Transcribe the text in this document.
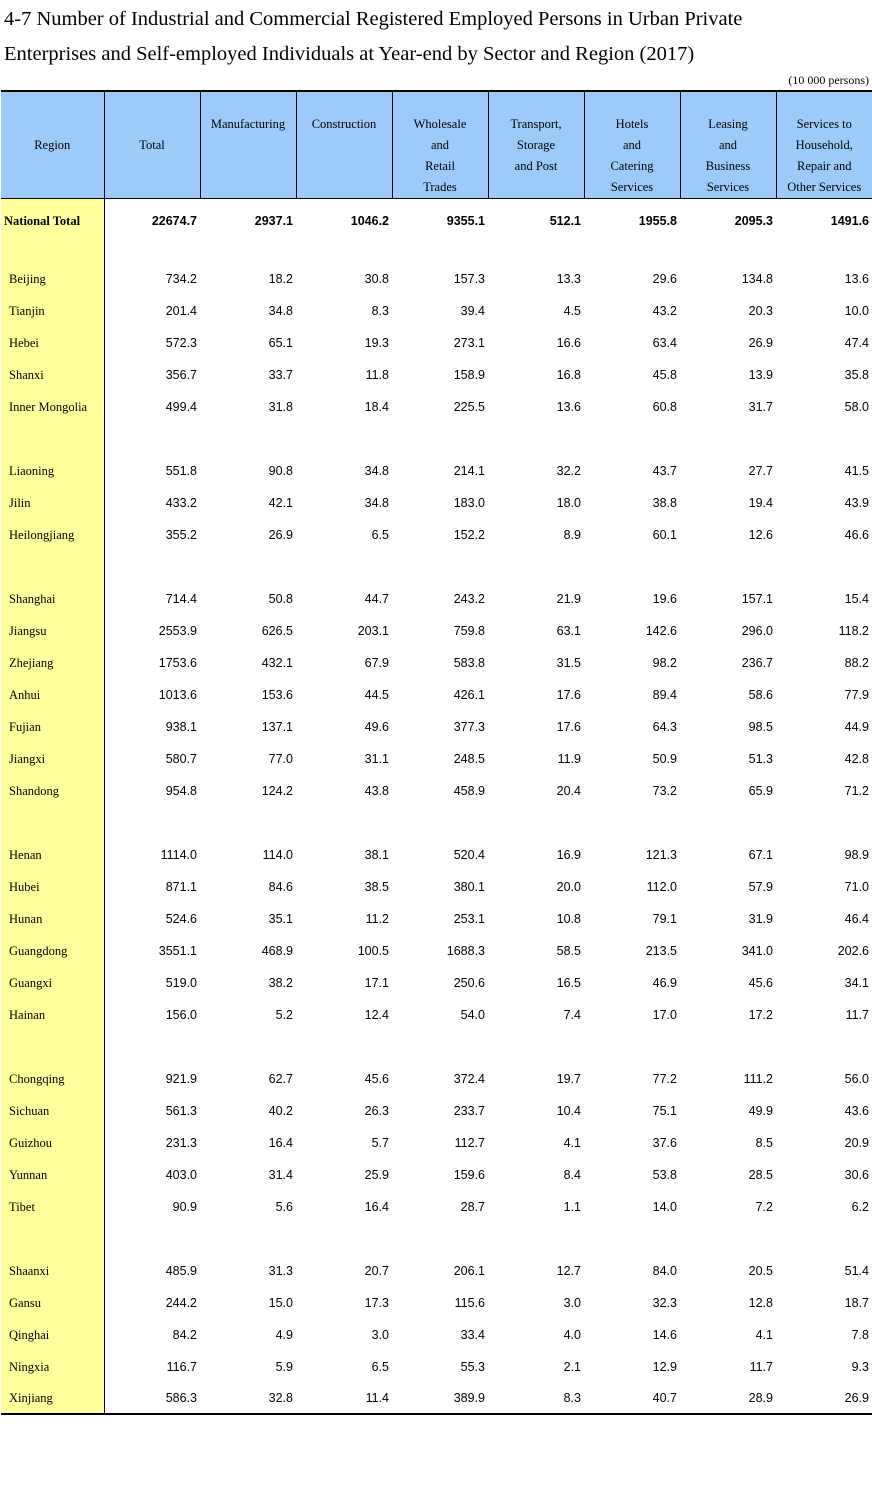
4-7 Number of Industrial and Commercial Registered Employed Persons in Urban Private
Enterprises and Self-employed Individuals at Year-end by Sector and Region (2017)
(10 000 persons)
Region	Total	Manufacturing	Construction	Wholesale
and
Retail
Trades	Transport,
Storage
and Post	Hotels
and
Catering
Services	Leasing
and
Business
Services	Services to
Household,
Repair and
Other Services

National Total	22674.7	2937.1	1046.2	9355.1	512.1	1955.8	2095.3	1491.6

Beijing	734.2	18.2	30.8	157.3	13.3	29.6	134.8	13.6
Tianjin	201.4	34.8	8.3	39.4	4.5	43.2	20.3	10.0
Hebei	572.3	65.1	19.3	273.1	16.6	63.4	26.9	47.4
Shanxi	356.7	33.7	11.8	158.9	16.8	45.8	13.9	35.8
Inner Mongolia	499.4	31.8	18.4	225.5	13.6	60.8	31.7	58.0

Liaoning	551.8	90.8	34.8	214.1	32.2	43.7	27.7	41.5
Jilin	433.2	42.1	34.8	183.0	18.0	38.8	19.4	43.9
Heilongjiang	355.2	26.9	6.5	152.2	8.9	60.1	12.6	46.6

Shanghai	714.4	50.8	44.7	243.2	21.9	19.6	157.1	15.4
Jiangsu	2553.9	626.5	203.1	759.8	63.1	142.6	296.0	118.2
Zhejiang	1753.6	432.1	67.9	583.8	31.5	98.2	236.7	88.2
Anhui	1013.6	153.6	44.5	426.1	17.6	89.4	58.6	77.9
Fujian	938.1	137.1	49.6	377.3	17.6	64.3	98.5	44.9
Jiangxi	580.7	77.0	31.1	248.5	11.9	50.9	51.3	42.8
Shandong	954.8	124.2	43.8	458.9	20.4	73.2	65.9	71.2

Henan	1114.0	114.0	38.1	520.4	16.9	121.3	67.1	98.9
Hubei	871.1	84.6	38.5	380.1	20.0	112.0	57.9	71.0
Hunan	524.6	35.1	11.2	253.1	10.8	79.1	31.9	46.4
Guangdong	3551.1	468.9	100.5	1688.3	58.5	213.5	341.0	202.6
Guangxi	519.0	38.2	17.1	250.6	16.5	46.9	45.6	34.1
Hainan	156.0	5.2	12.4	54.0	7.4	17.0	17.2	11.7

Chongqing	921.9	62.7	45.6	372.4	19.7	77.2	111.2	56.0
Sichuan	561.3	40.2	26.3	233.7	10.4	75.1	49.9	43.6
Guizhou	231.3	16.4	5.7	112.7	4.1	37.6	8.5	20.9
Yunnan	403.0	31.4	25.9	159.6	8.4	53.8	28.5	30.6
Tibet	90.9	5.6	16.4	28.7	1.1	14.0	7.2	6.2

Shaanxi	485.9	31.3	20.7	206.1	12.7	84.0	20.5	51.4
Gansu	244.2	15.0	17.3	115.6	3.0	32.3	12.8	18.7
Qinghai	84.2	4.9	3.0	33.4	4.0	14.6	4.1	7.8
Ningxia	116.7	5.9	6.5	55.3	2.1	12.9	11.7	9.3
Xinjiang	586.3	32.8	11.4	389.9	8.3	40.7	28.9	26.9
